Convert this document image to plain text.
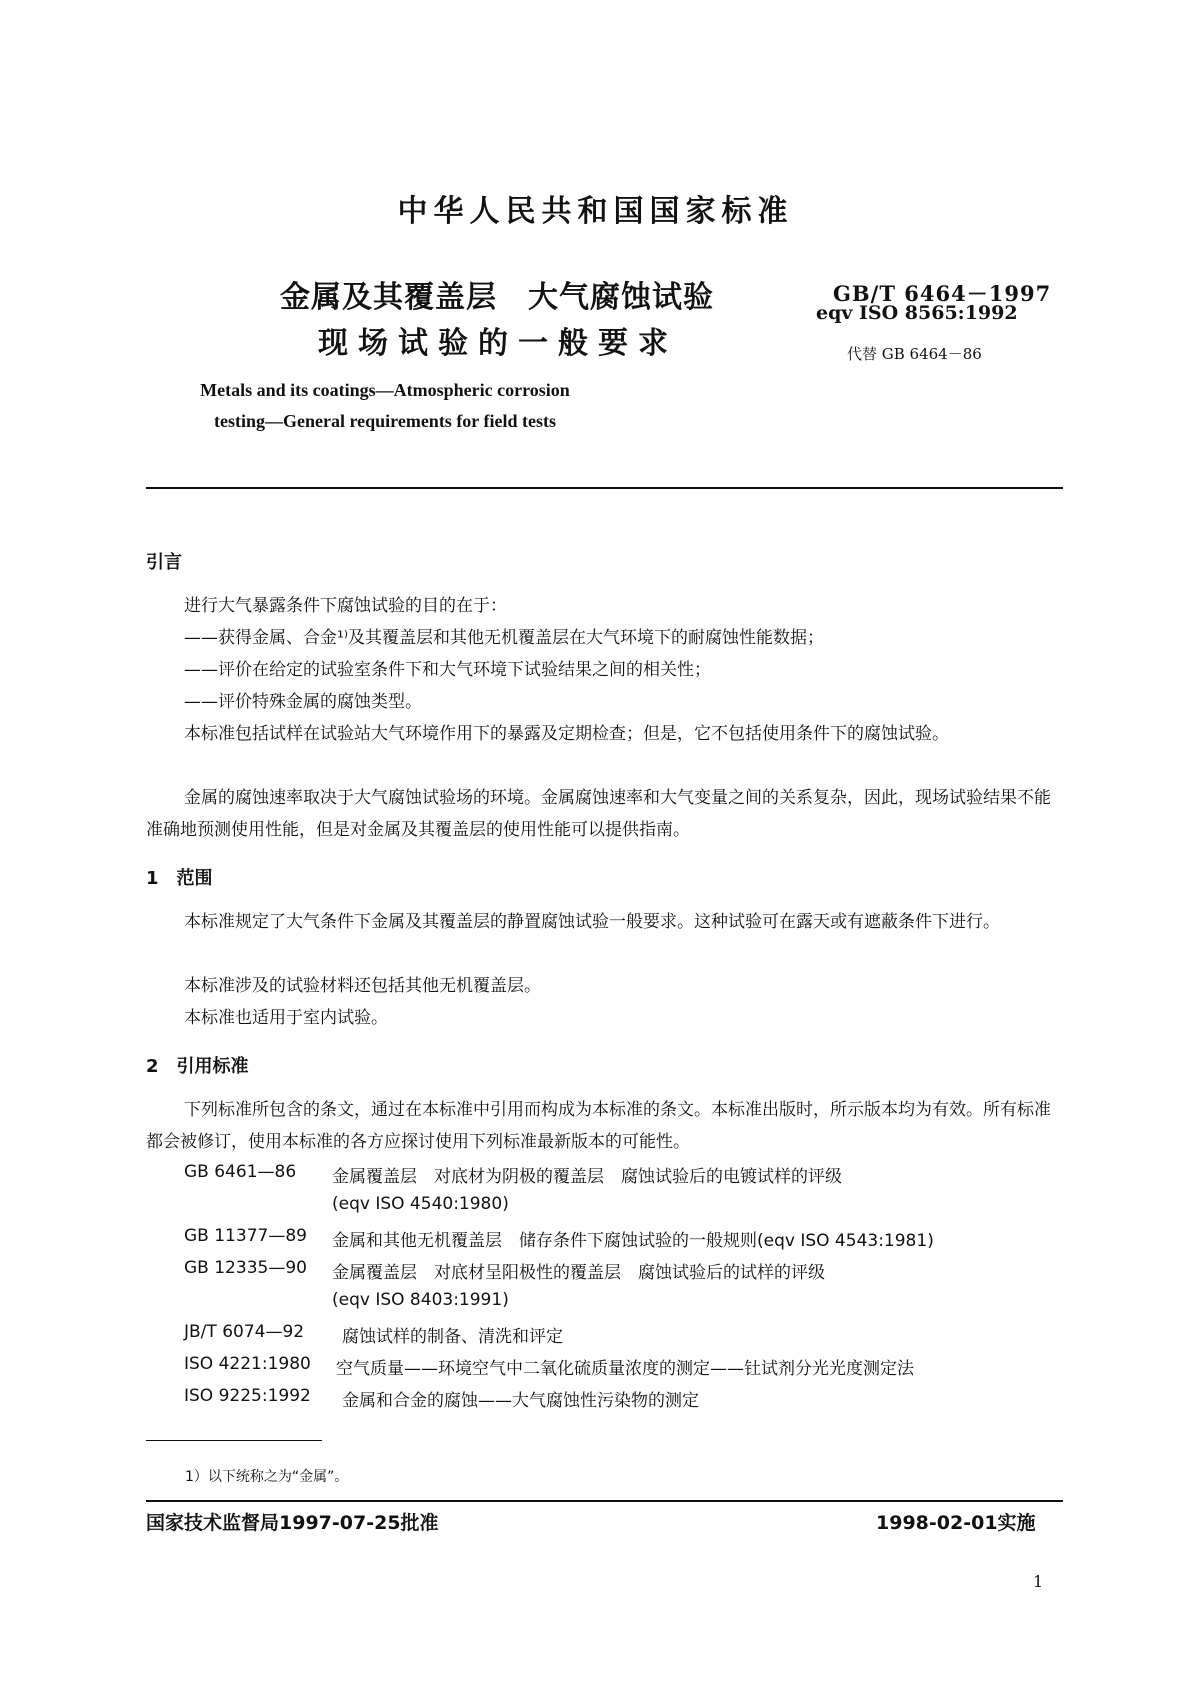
中华人民共和国国家标准
金属及其覆盖层　大气腐蚀试验
现场试验的一般要求
GB/T 6464－1997
eqv ISO 8565:1992
代替 GB 6464－86
Metals and its coatings—Atmospheric corrosion
testing—General requirements for field tests
引言
进行大气暴露条件下腐蚀试验的目的在于：
——获得金属、合金¹⁾及其覆盖层和其他无机覆盖层在大气环境下的耐腐蚀性能数据；
——评价在给定的试验室条件下和大气环境下试验结果之间的相关性；
——评价特殊金属的腐蚀类型。
本标准包括试样在试验站大气环境作用下的暴露及定期检查；但是，它不包括使用条件下的腐蚀试验。
金属的腐蚀速率取决于大气腐蚀试验场的环境。金属腐蚀速率和大气变量之间的关系复杂，因此，现场试验结果不能准确地预测使用性能，但是对金属及其覆盖层的使用性能可以提供指南。
1　范围
本标准规定了大气条件下金属及其覆盖层的静置腐蚀试验一般要求。这种试验可在露天或有遮蔽条件下进行。
本标准涉及的试验材料还包括其他无机覆盖层。
本标准也适用于室内试验。
2　引用标准
下列标准所包含的条文，通过在本标准中引用而构成为本标准的条文。本标准出版时，所示版本均为有效。所有标准都会被修订，使用本标准的各方应探讨使用下列标准最新版本的可能性。
GB 6461—86	金属覆盖层　对底材为阴极的覆盖层　腐蚀试验后的电镀试样的评级
(eqv ISO 4540:1980)
GB 11377—89	金属和其他无机覆盖层　储存条件下腐蚀试验的一般规则(eqv ISO 4543:1981)
GB 12335—90	金属覆盖层　对底材呈阳极性的覆盖层　腐蚀试验后的试样的评级
(eqv ISO 8403:1991)
JB/T 6074—92	腐蚀试样的制备、清洗和评定
ISO 4221:1980	空气质量——环境空气中二氧化硫质量浓度的测定——钍试剂分光光度测定法
ISO 9225:1992	金属和合金的腐蚀——大气腐蚀性污染物的测定
1）以下统称之为“金属”。
国家技术监督局1997-07-25批准	1998-02-01实施
1
